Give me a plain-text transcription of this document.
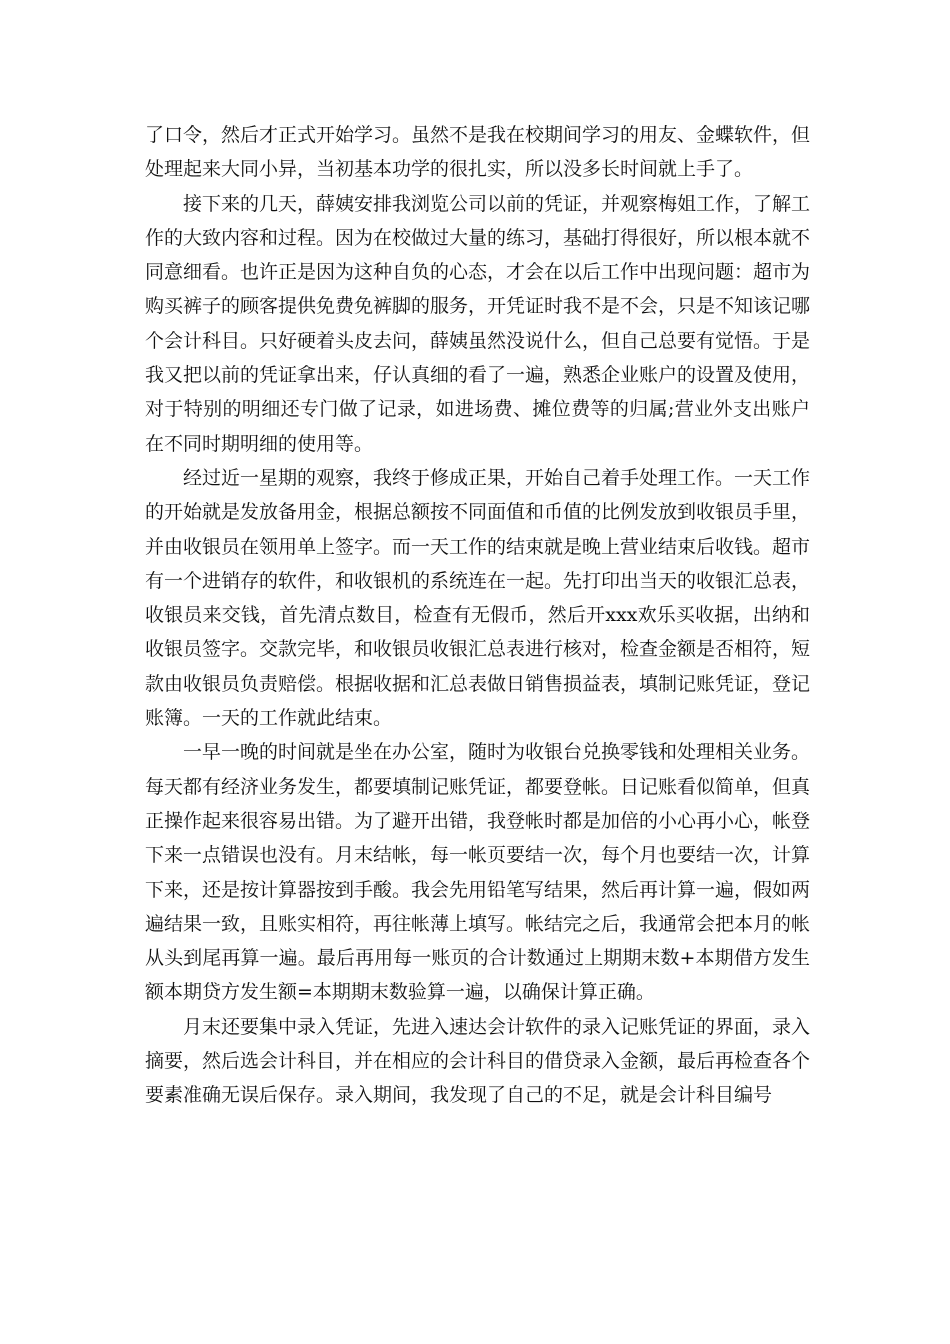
了口令，然后才正式开始学习。虽然不是我在校期间学习的用友、金蝶软件，但处理起来大同小异，当初基本功学的很扎实，所以没多长时间就上手了。

接下来的几天，薛姨安排我浏览公司以前的凭证，并观察梅姐工作，了解工作的大致内容和过程。因为在校做过大量的练习，基础打得很好，所以根本就不同意细看。也许正是因为这种自负的心态，才会在以后工作中出现问题：超市为购买裤子的顾客提供免费免裤脚的服务，开凭证时我不是不会，只是不知该记哪个会计科目。只好硬着头皮去问，薛姨虽然没说什么，但自己总要有觉悟。于是我又把以前的凭证拿出来，仔认真细的看了一遍，熟悉企业账户的设置及使用，对于特别的明细还专门做了记录，如进场费、摊位费等的归属;营业外支出账户在不同时期明细的使用等。

经过近一星期的观察，我终于修成正果，开始自己着手处理工作。一天工作的开始就是发放备用金，根据总额按不同面值和币值的比例发放到收银员手里，并由收银员在领用单上签字。而一天工作的结束就是晚上营业结束后收钱。超市有一个进销存的软件，和收银机的系统连在一起。先打印出当天的收银汇总表，收银员来交钱，首先清点数目，检查有无假币，然后开xxx欢乐买收据，出纳和收银员签字。交款完毕，和收银员收银汇总表进行核对，检查金额是否相符，短款由收银员负责赔偿。根据收据和汇总表做日销售损益表，填制记账凭证，登记账簿。一天的工作就此结束。

一早一晚的时间就是坐在办公室，随时为收银台兑换零钱和处理相关业务。每天都有经济业务发生，都要填制记账凭证，都要登帐。日记账看似简单，但真正操作起来很容易出错。为了避开出错，我登帐时都是加倍的小心再小心，帐登下来一点错误也没有。月末结帐，每一帐页要结一次，每个月也要结一次，计算下来，还是按计算器按到手酸。我会先用铅笔写结果，然后再计算一遍，假如两遍结果一致，且账实相符，再往帐薄上填写。帐结完之后，我通常会把本月的帐从头到尾再算一遍。最后再用每一账页的合计数通过上期期末数+本期借方发生额本期贷方发生额=本期期末数验算一遍，以确保计算正确。

月末还要集中录入凭证，先进入速达会计软件的录入记账凭证的界面，录入摘要，然后选会计科目，并在相应的会计科目的借贷录入金额，最后再检查各个要素准确无误后保存。录入期间，我发现了自己的不足，就是会计科目编号
